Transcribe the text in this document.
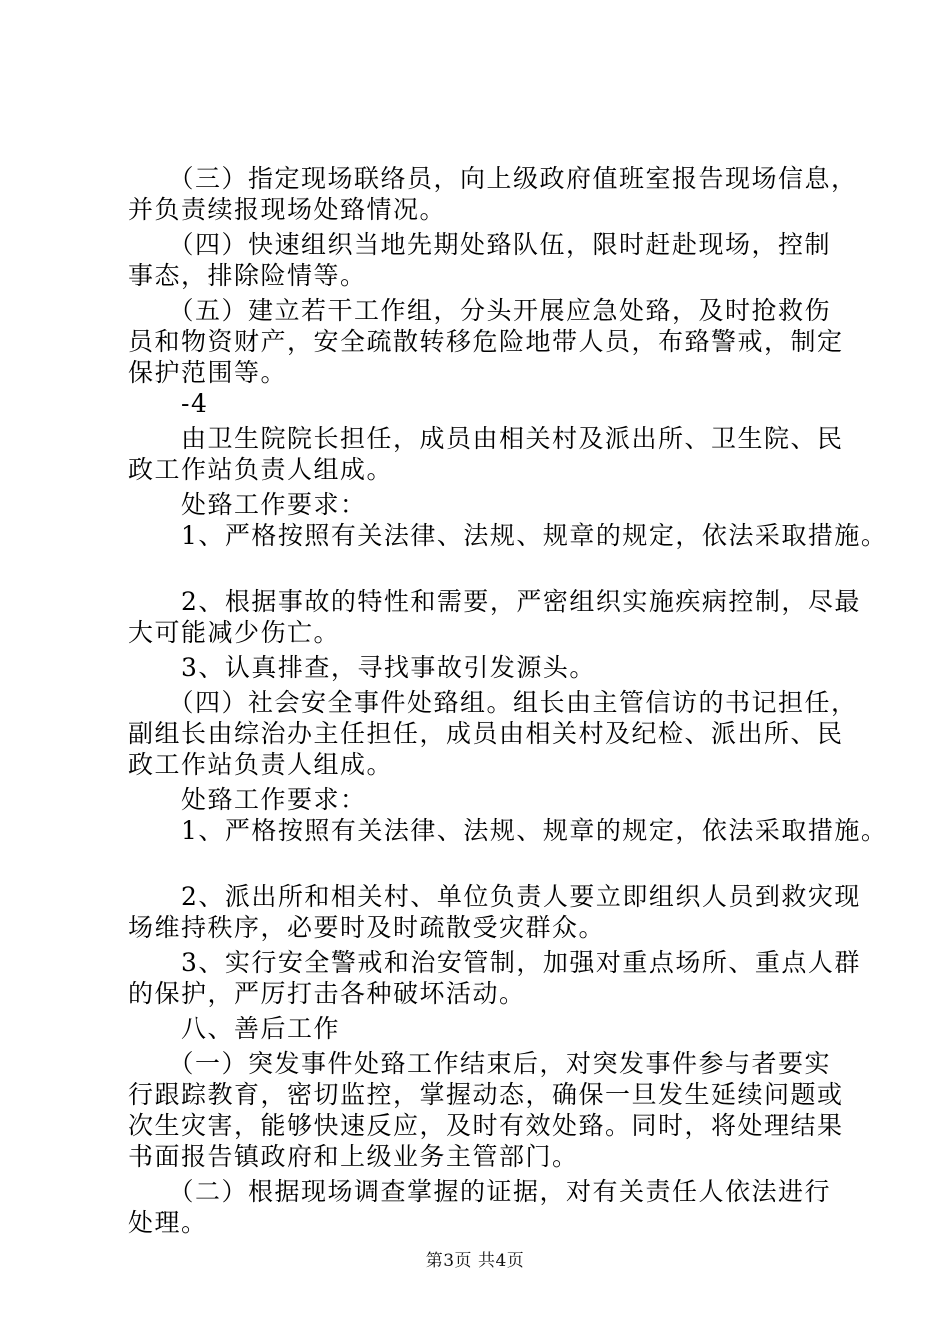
　　（三）指定现场联络员，向上级政府值班室报告现场信息，
并负责续报现场处臵情况。
　　（四）快速组织当地先期处臵队伍，限时赶赴现场，控制
事态，排除险情等。
　　（五）建立若干工作组，分头开展应急处臵，及时抢救伤
员和物资财产，安全疏散转移危险地带人员，布臵警戒，制定
保护范围等。
　　-4
　　由卫生院院长担任，成员由相关村及派出所、卫生院、民
政工作站负责人组成。
　　处臵工作要求：
　　1、严格按照有关法律、法规、规章的规定，依法采取措施。
　　2、根据事故的特性和需要，严密组织实施疾病控制，尽最
大可能减少伤亡。
　　3、认真排查，寻找事故引发源头。
　　（四）社会安全事件处臵组。组长由主管信访的书记担任，
副组长由综治办主任担任，成员由相关村及纪检、派出所、民
政工作站负责人组成。
　　处臵工作要求：
　　1、严格按照有关法律、法规、规章的规定，依法采取措施。
　　2、派出所和相关村、单位负责人要立即组织人员到救灾现
场维持秩序，必要时及时疏散受灾群众。
　　3、实行安全警戒和治安管制，加强对重点场所、重点人群
的保护，严厉打击各种破坏活动。
　　八、善后工作
　　（一）突发事件处臵工作结束后，对突发事件参与者要实
行跟踪教育，密切监控，掌握动态，确保一旦发生延续问题或
次生灾害，能够快速反应，及时有效处臵。同时，将处理结果
书面报告镇政府和上级业务主管部门。
　　（二）根据现场调查掌握的证据，对有关责任人依法进行
处理。
第3页 共4页
